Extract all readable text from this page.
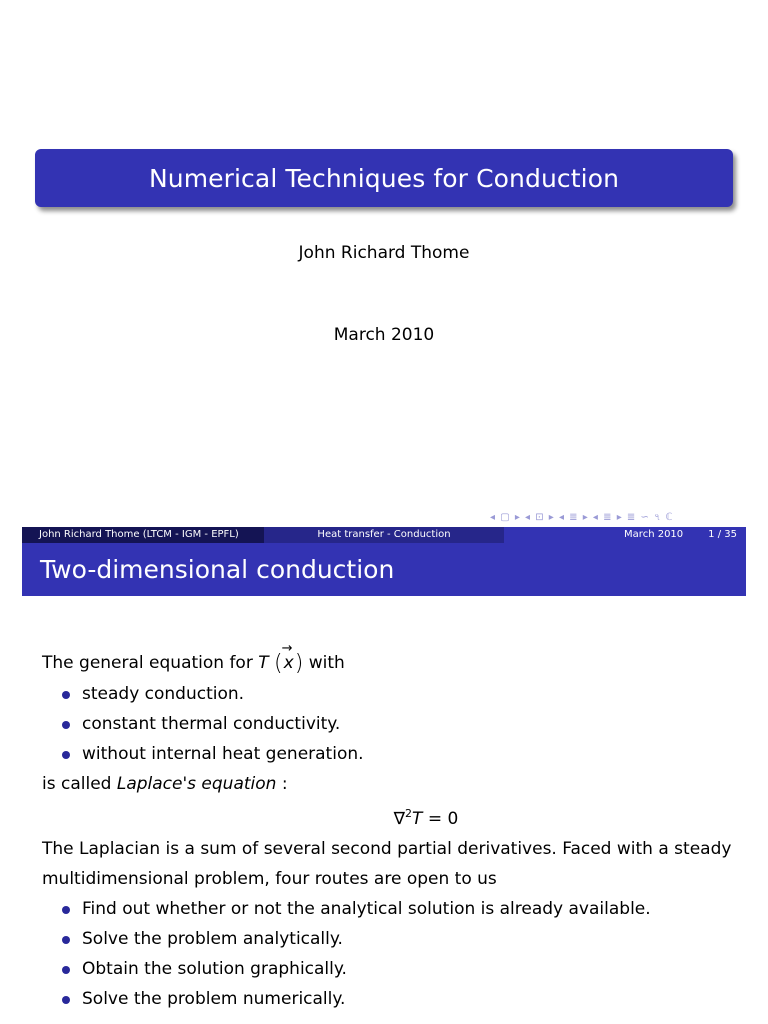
Numerical Techniques for Conduction
John Richard Thome
March 2010
◂ ▢ ▸ ◂ ⊡ ▸ ◂ ≣ ▸ ◂ ≣ ▸ ≣ ∽ ৭ ℂ
John Richard Thome (LTCM - IGM - EPFL)	Heat transfer - Conduction	March 2010	1 / 35
Two-dimensional conduction

The general equation for T (→ x) with

steady conduction.
constant thermal conductivity.
without internal heat generation.

is called Laplace's equation :

∇$^2$T = 0

The Laplacian is a sum of several second partial derivatives. Faced with a steady multidimensional problem, four routes are open to us

Find out whether or not the analytical solution is already available.
Solve the problem analytically.
Obtain the solution graphically.
Solve the problem numerically.
